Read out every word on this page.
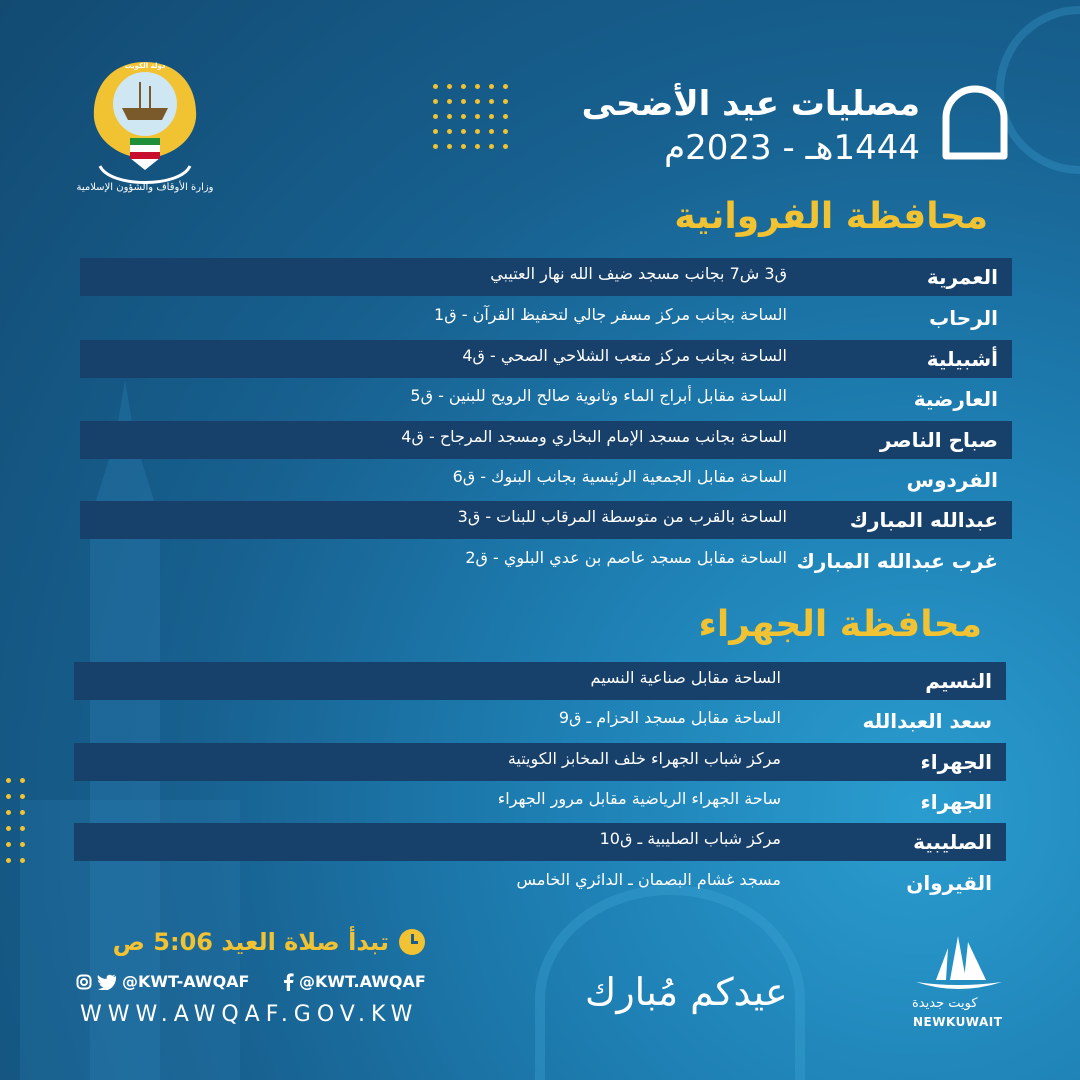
دولة الكويت
وزارة الأوقاف والشؤون الإسلامية
مصليات عيد الأضحى
1444هـ - 2023م
محافظة الفروانية
العمرية
ق3 ش7 بجانب مسجد ضيف الله نهار العتيبي
الرحاب
الساحة بجانب مركز مسفر جالي لتحفيظ القرآن - ق1
أشبيلية
الساحة بجانب مركز متعب الشلاحي الصحي - ق4
العارضية
الساحة مقابل أبراج الماء وثانوية صالح الرويح للبنين - ق5
صباح الناصر
الساحة بجانب مسجد الإمام البخاري ومسجد المرجاح - ق4
الفردوس
الساحة مقابل الجمعية الرئيسية بجانب البنوك - ق6
عبدالله المبارك
الساحة بالقرب من متوسطة المرقاب للبنات - ق3
غرب عبدالله المبارك
الساحة مقابل مسجد عاصم بن عدي البلوي - ق2
محافظة الجهراء
النسيم
الساحة مقابل صناعية النسيم
سعد العبدالله
الساحة مقابل مسجد الحزام ـ ق9
الجهراء
مركز شباب الجهراء خلف المخابز الكويتية
الجهراء
ساحة الجهراء الرياضية مقابل مرور الجهراء
الصليبية
مركز شباب الصليبية ـ ق10
القيروان
مسجد غشام البصمان ـ الدائري الخامس
تبدأ صلاة العيد 5:06 ص
@KWT-AWQAF	@KWT.AWQAF
WWW.AWQAF.GOV.KW
عيدكم مُبارك	كويت جديدة
NEWKUWAIT
